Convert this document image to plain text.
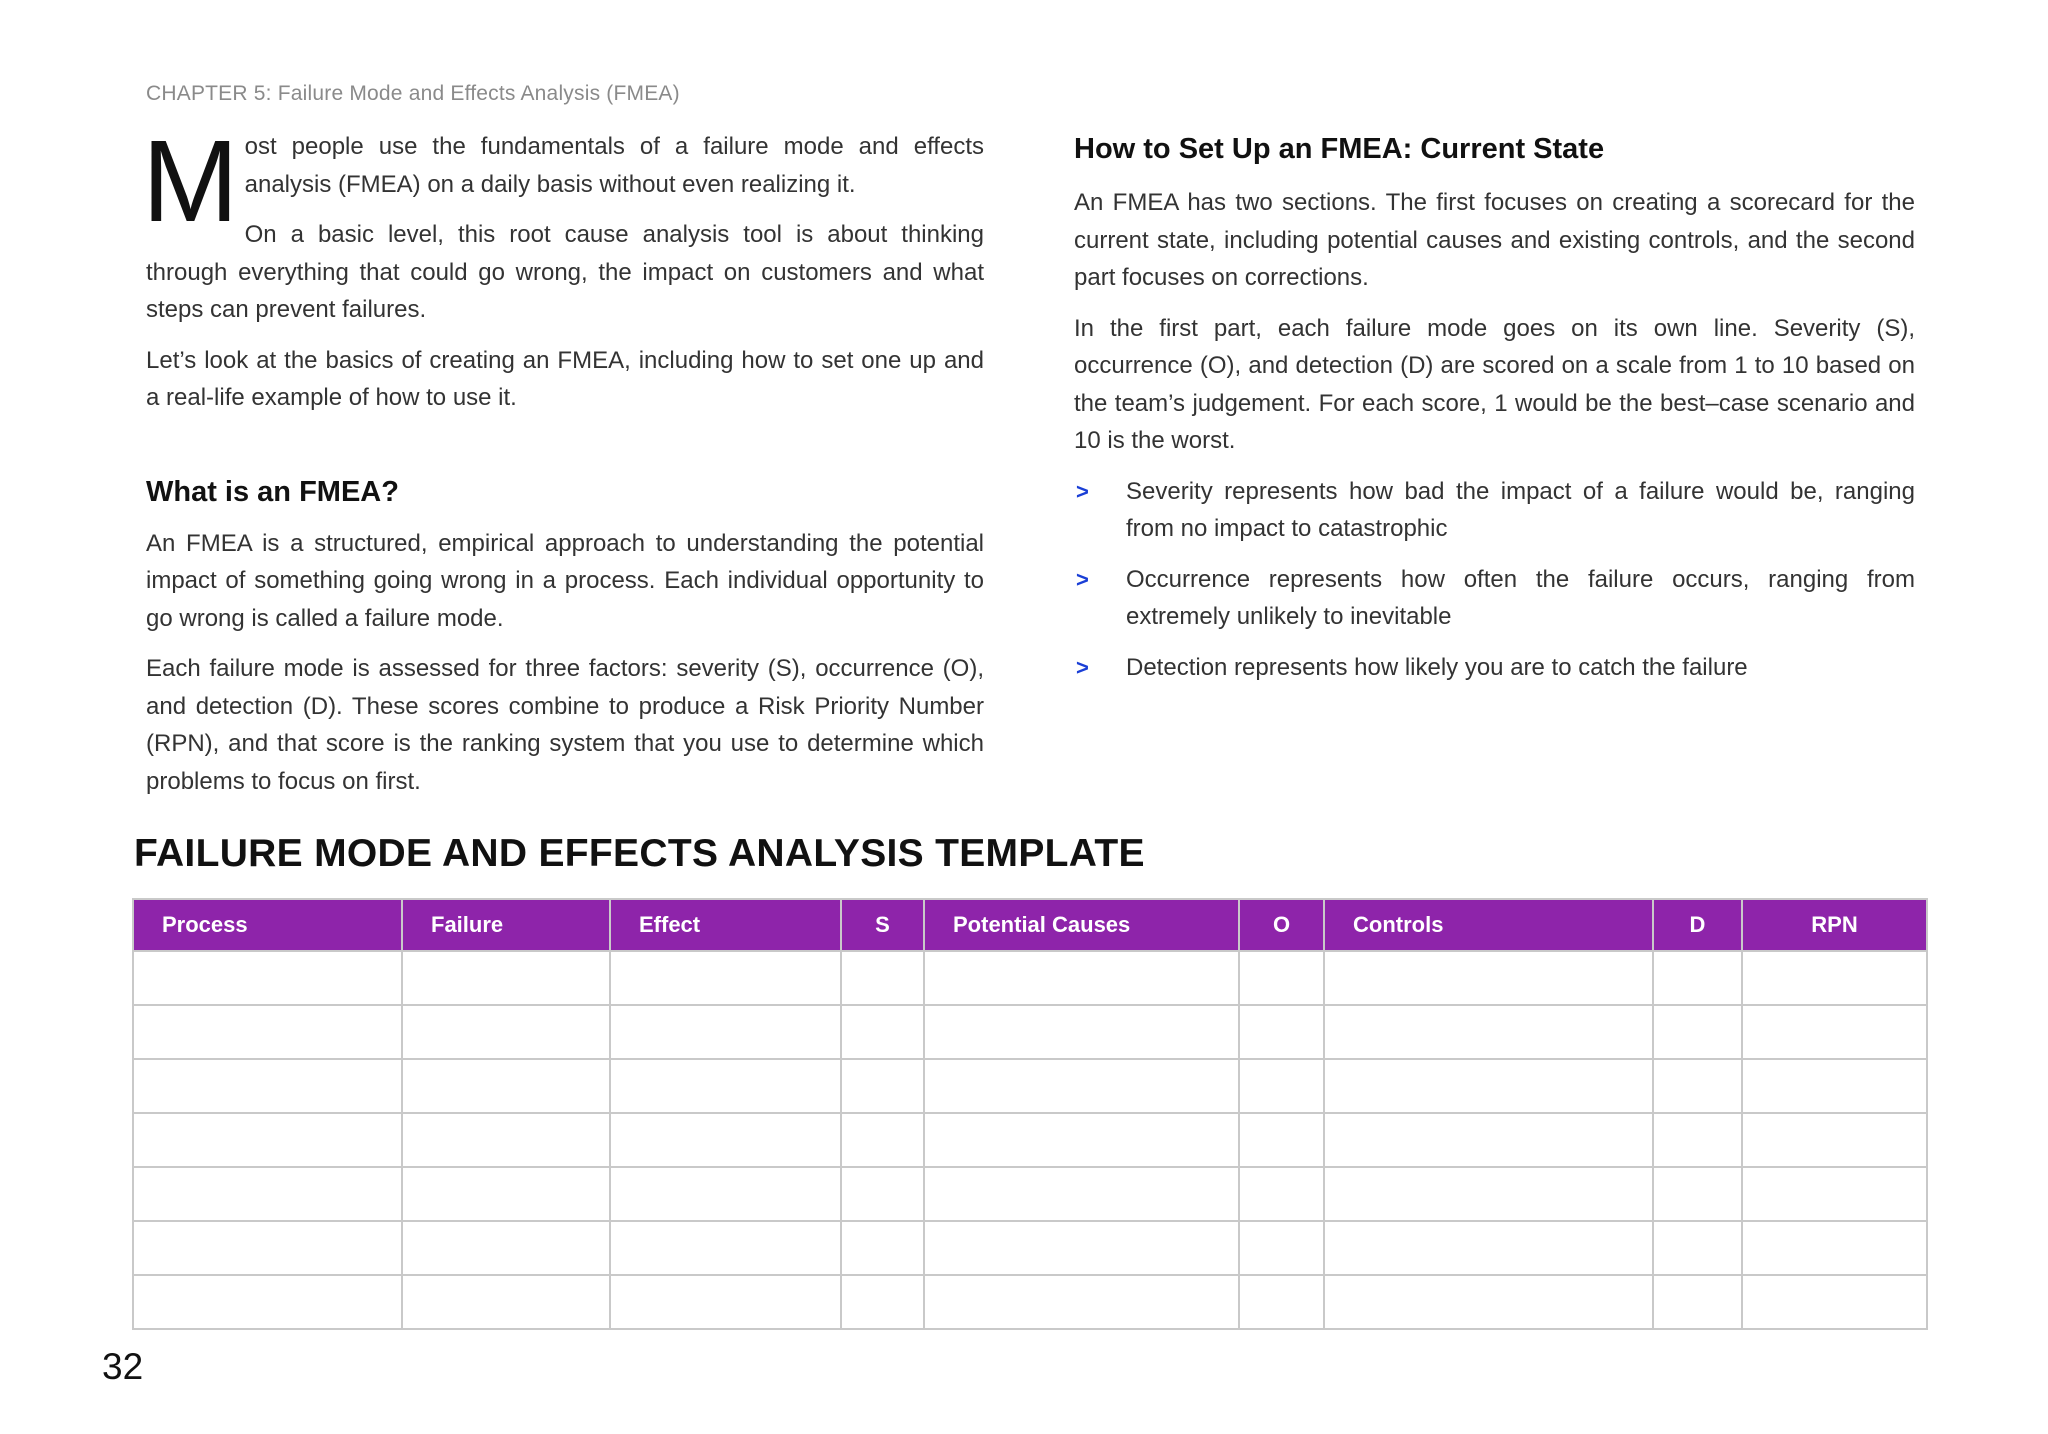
CHAPTER 5: Failure Mode and Effects Analysis (FMEA)

Most people use the fundamentals of a failure mode and effects analysis (FMEA) on a daily basis without even realizing it.

On a basic level, this root cause analysis tool is about thinking through everything that could go wrong, the impact on customers and what steps can prevent failures.

Let’s look at the basics of creating an FMEA, including how to set one up and a real-life example of how to use it.

What is an FMEA?

An FMEA is a structured, empirical approach to understanding the potential impact of something going wrong in a process. Each individual opportunity to go wrong is called a failure mode.

Each failure mode is assessed for three factors: severity (S), occurrence (O), and detection (D). These scores combine to produce a Risk Priority Number (RPN), and that score is the ranking system that you use to determine which problems to focus on first.

How to Set Up an FMEA: Current State

An FMEA has two sections. The first focuses on creating a scorecard for the current state, including potential causes and existing controls, and the second part focuses on corrections.

In the first part, each failure mode goes on its own line. Severity (S), occurrence (O), and detection (D) are scored on a scale from 1 to 10 based on the team’s judgement. For each score, 1 would be the best–case scenario and 10 is the worst.

> Severity represents how bad the impact of a failure would be, ranging from no impact to catastrophic
> Occurrence represents how often the failure occurs, ranging from extremely unlikely to inevitable
> Detection represents how likely you are to catch the failure
FAILURE MODE AND EFFECTS ANALYSIS TEMPLATE
Process	Failure	Effect	S	Potential Causes	O	Controls	D	RPN

32
